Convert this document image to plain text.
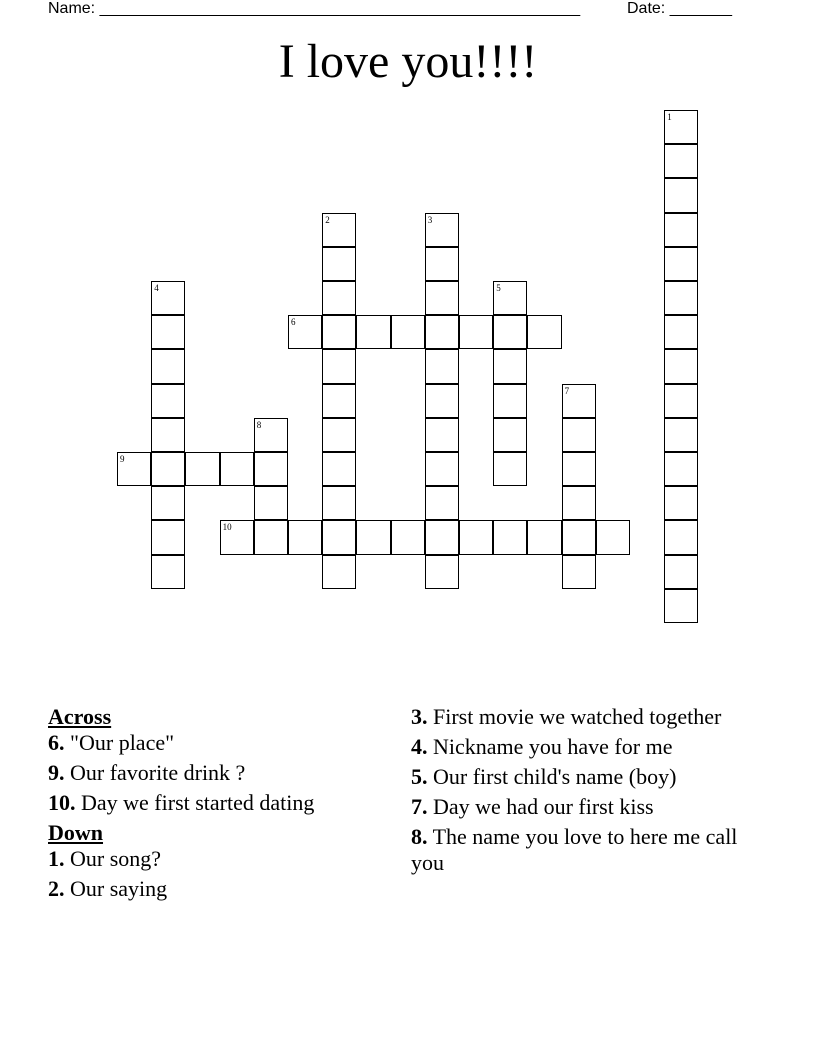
Name: ______________________________________________________	Date: _______
I love you!!!!
1
2	3
4	5
6
7
8
9
10
Across
6. "Our place"
9. Our favorite drink ?
10. Day we first started dating
Down
1. Our song?
2. Our saying
3. First movie we watched together
4. Nickname you have for me
5. Our first child's name (boy)
7. Day we had our first kiss
8. The name you love to here me call you
